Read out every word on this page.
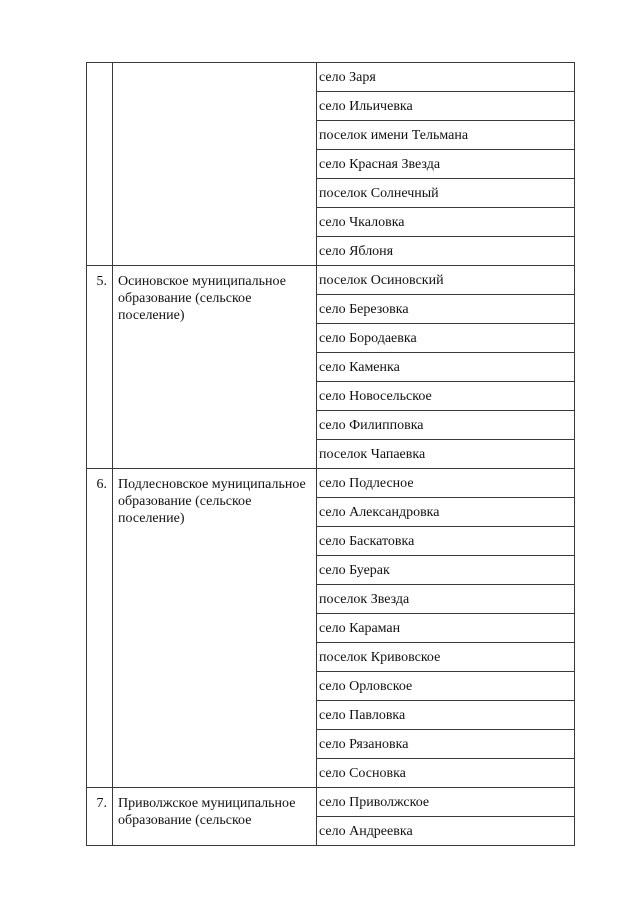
		село Заря

		село Ильичевка

		поселок имени Тельмана

		село Красная Звезда

		поселок Солнечный

		село Чкаловка

		село Яблоня

5.	Осиновское муниципальное образование (сельское поселение)	поселок Осиновский

		село Березовка

		село Бородаевка

		село Каменка

		село Новосельское

		село Филипповка

		поселок Чапаевка

6.	Подлесновское муниципальное образование (сельское поселение)	село Подлесное

		село Александровка

		село Баскатовка

		село Буерак

		поселок Звезда

		село Караман

		поселок Кривовское

		село Орловское

		село Павловка

		село Рязановка

		село Сосновка

7.	Приволжское муниципальное образование (сельское	село Приволжское

		село Андреевка
